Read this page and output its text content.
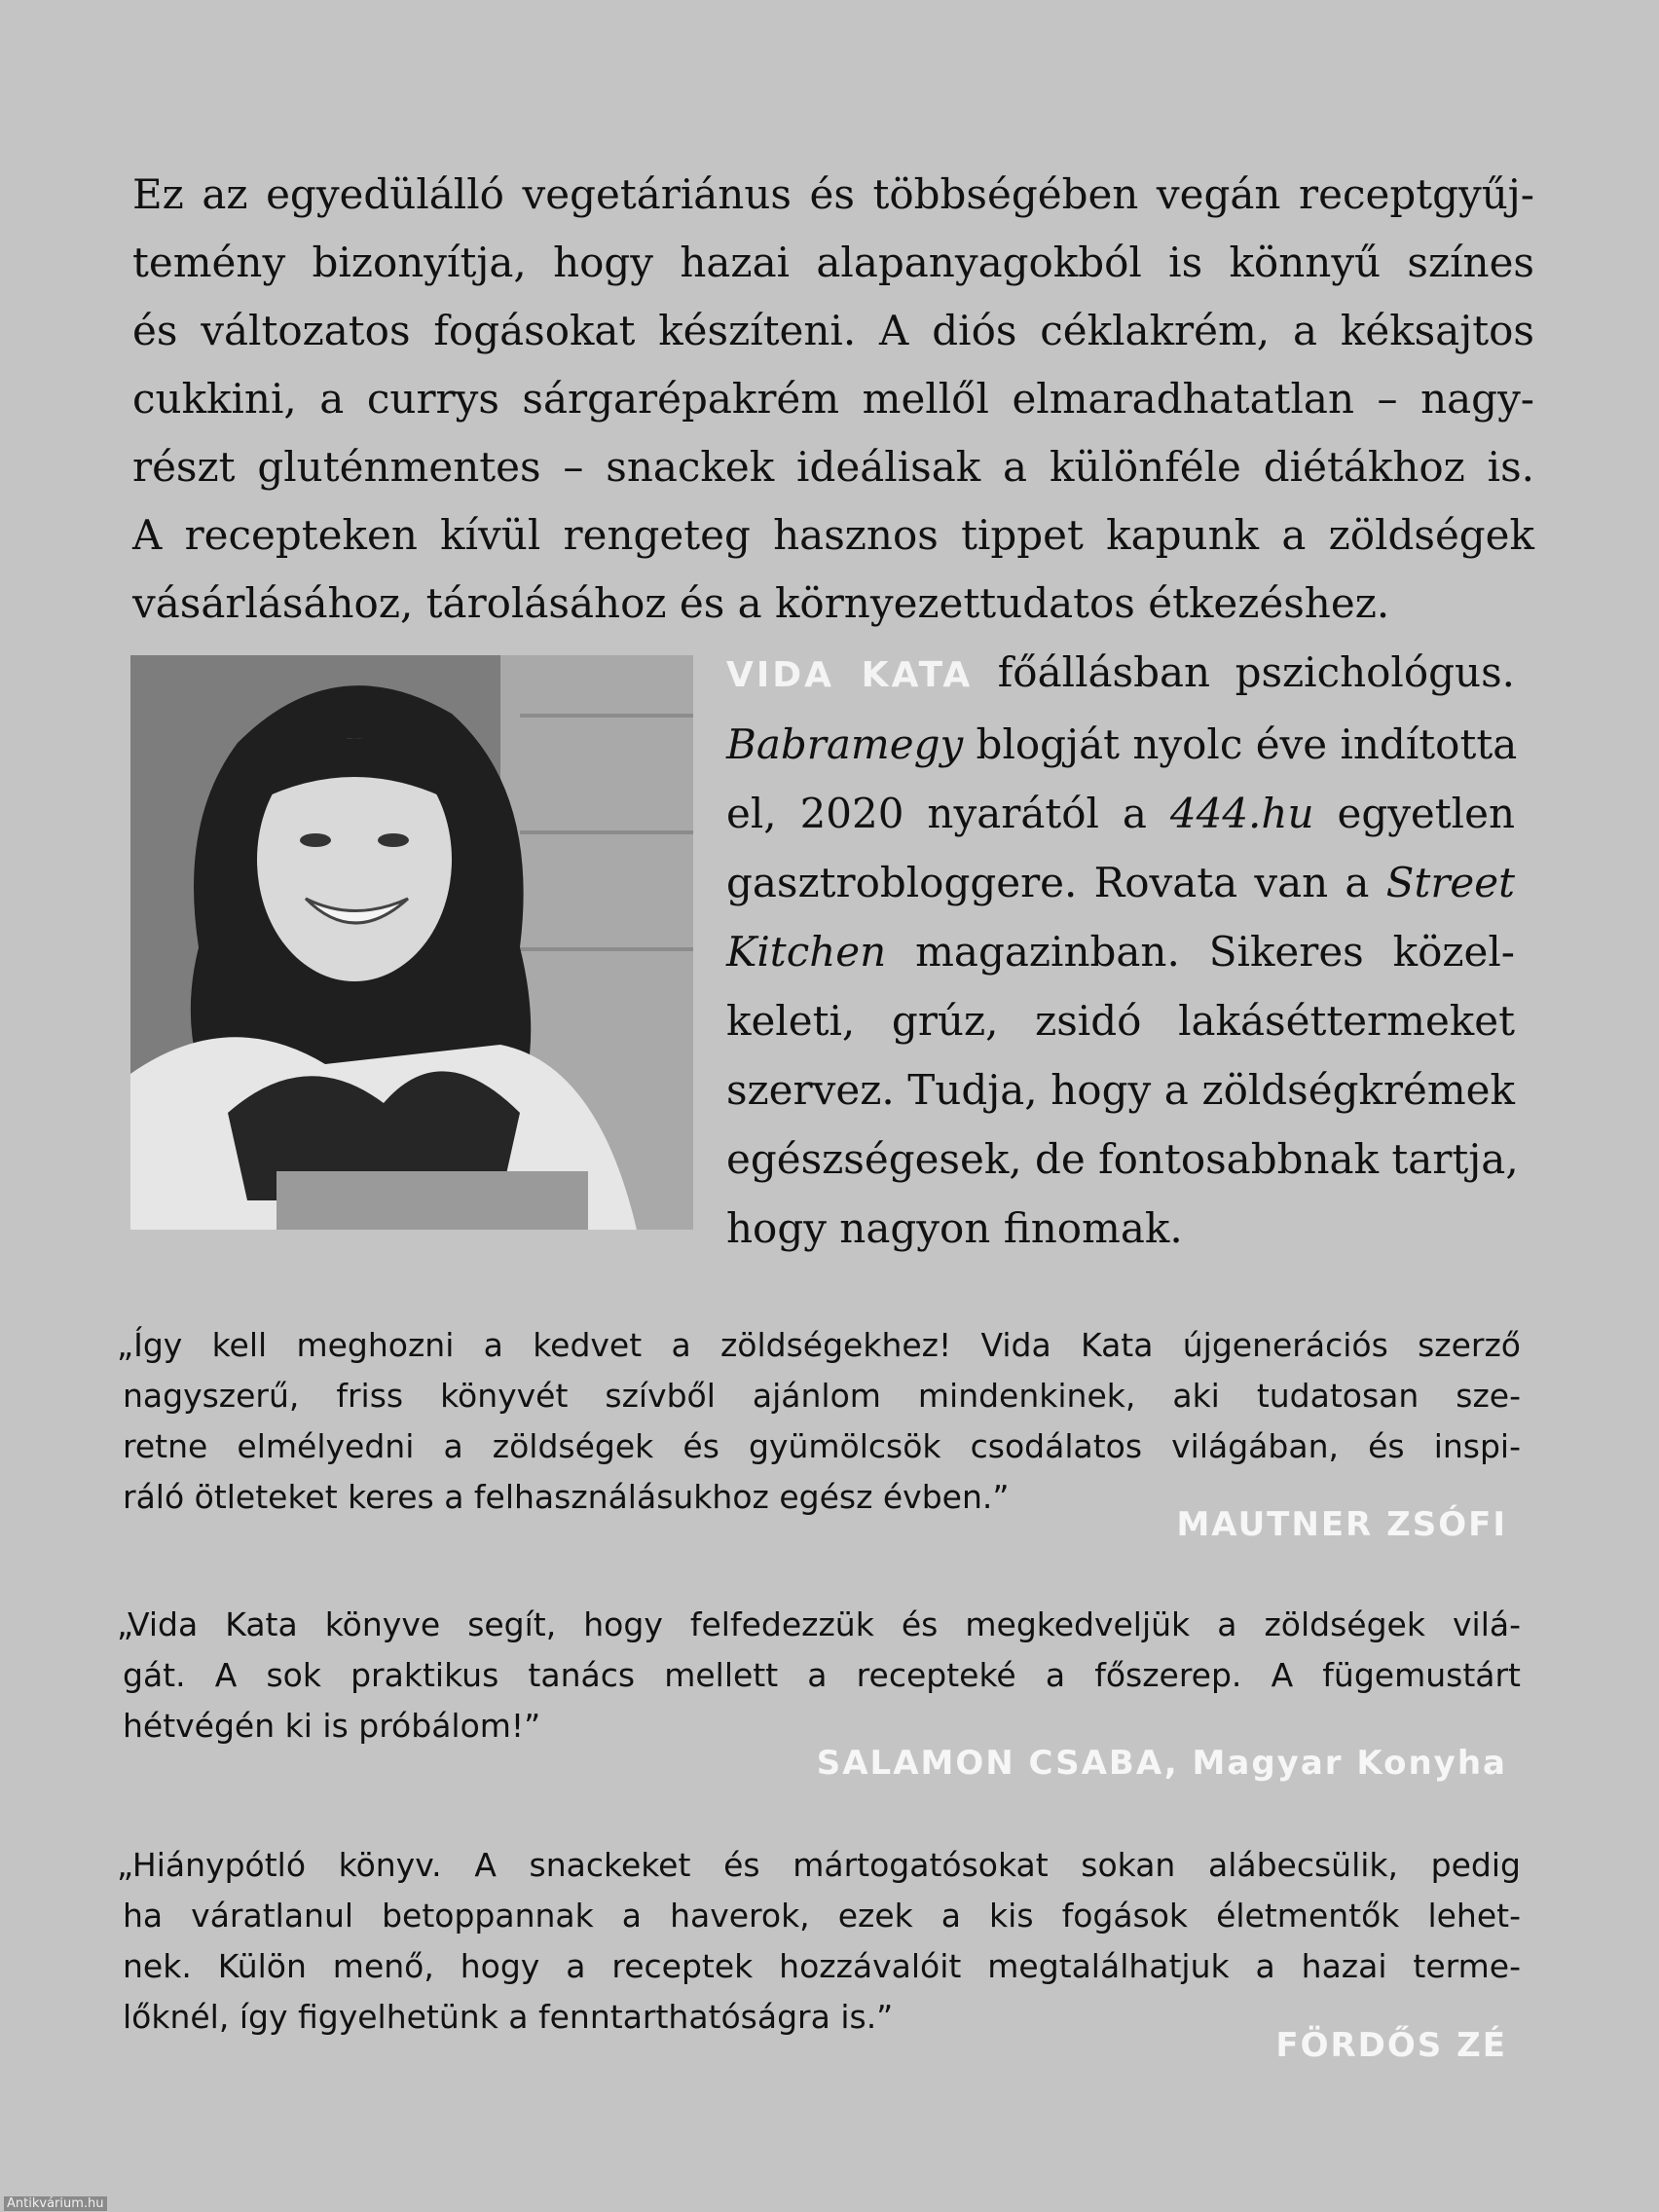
Ez az egyedülálló vegetáriánus és többségében vegán receptgyűj-
temény bizonyítja, hogy hazai alapanyagokból is könnyű színes
és változatos fogásokat készíteni. A diós céklakrém, a kéksajtos
cukkini, a currys sárgarépakrém mellől elmaradhatatlan – nagy-
részt gluténmentes – snackek ideálisak a különféle diétákhoz is.
A recepteken kívül rengeteg hasznos tippet kapunk a zöldségek
vásárlásához, tárolásához és a környezettudatos étkezéshez.
VIDA KATA főállásban pszichológus.
Babramegy blogját nyolc éve indította
el, 2020 nyarától a 444.hu egyetlen
gasztrobloggere. Rovata van a Street
Kitchen magazinban. Sikeres közel-
keleti, grúz, zsidó lakáséttermeket
szervez. Tudja, hogy a zöldségkrémek
egészségesek, de fontosabbnak tartja,
hogy nagyon finomak.
„Így kell meghozni a kedvet a zöldségekhez! Vida Kata újgenerációs szerző
nagyszerű, friss könyvét szívből ajánlom mindenkinek, aki tudatosan sze-
retne elmélyedni a zöldségek és gyümölcsök csodálatos világában, és inspi-
ráló ötleteket keres a felhasználásukhoz egész évben.”
MAUTNER ZSÓFI
„Vida Kata könyve segít, hogy felfedezzük és megkedveljük a zöldségek vilá-
gát. A sok praktikus tanács mellett a recepteké a főszerep. A fügemustárt
hétvégén ki is próbálom!”
SALAMON CSABA, Magyar Konyha
„Hiánypótló könyv. A snackeket és mártogatósokat sokan alábecsülik, pedig
ha váratlanul betoppannak a haverok, ezek a kis fogások életmentők lehet-
nek. Külön menő, hogy a receptek hozzávalóit megtalálhatjuk a hazai terme-
lőknél, így figyelhetünk a fenntarthatóságra is.”
FÖRDŐS ZÉ
Antikvárium.hu
